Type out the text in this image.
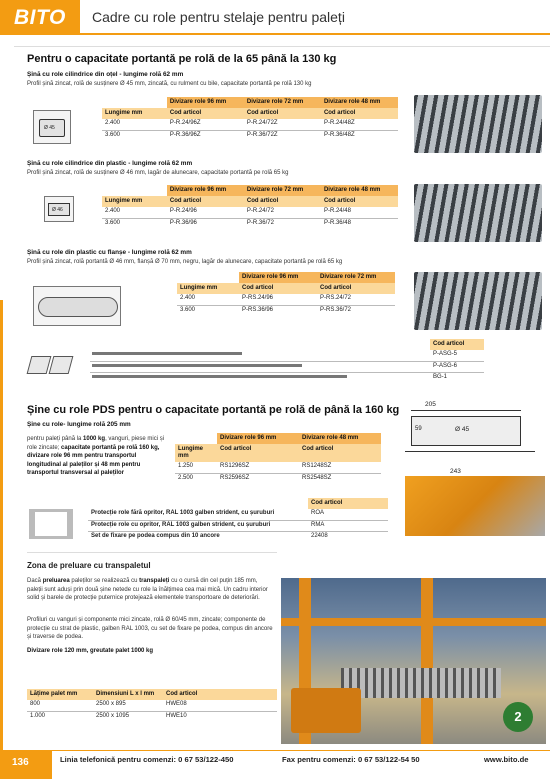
BITO	Cadre cu role pentru stelaje pentru paleți
Pentru o capacitate portantă pe rolă de la 65 până la 130 kg
Șină cu role cilindrice din oțel - lungime rolă 62 mm
Profil șină zincat, rolă de susținere Ø 45 mm, zincată, cu rulment cu bile, capacitate portantă pe rolă 130 kg
Ø 45
	Divizare role 96 mm	Divizare role 72 mm	Divizare role 48 mm
Lungime mm	Cod articol	Cod articol	Cod articol
2.400	P-R.24/96Z	P-R.24/72Z	P-R.24/48Z
3.600	P-R.36/96Z	P-R.36/72Z	P-R.36/48Z
Șină cu role cilindrice din plastic - lungime rolă 62 mm
Profil șină zincat, rolă de susținere Ø 46 mm, lagăr de alunecare, capacitate portantă pe rolă 65 kg
Ø 46
	Divizare role 96 mm	Divizare role 72 mm	Divizare role 48 mm
Lungime mm	Cod articol	Cod articol	Cod articol
2.400	P-R.24/96	P-R.24/72	P-R.24/48
3.600	P-R.36/96	P-R.36/72	P-R.36/48
Șină cu role din plastic cu flanșe - lungime rolă 62 mm
Profil șină zincat, rolă portantă Ø 46 mm, flanșă Ø 70 mm, negru, lagăr de alunecare, capacitate portantă pe rolă 65 kg
	Divizare role 96 mm	Divizare role 72 mm
Lungime mm	Cod articol	Cod articol
2.400	P-RS.24/96	P-RS.24/72
3.600	P-RS.36/96	P-RS.36/72
	Cod articol
	P-ASG-5
	P-ASG-6
	BG-1
Șine cu role PDS pentru o capacitate portantă pe rolă de până la 160 kg
Șine cu role- lungime rolă 205 mm
pentru paleți până la 1000 kg, vanguri, piese mici și role zincate; capacitate portantă pe rolă 160 kg, divizare role 96 mm pentru transportul longitudinal al paleților și 48 mm pentru transportul transversal al paleților
	Divizare role 96 mm	Divizare role 48 mm
Lungime mm	Cod articol	Cod articol
1.250	RS1296SZ	RS1248SZ
2.500	RS2596SZ	RS2548SZ
205
Ø 45
59
243
	Cod articol
Protecție role fără opritor, RAL 1003 galben strident, cu șuruburi	ROA
Protecție role cu opritor, RAL 1003 galben strident, cu șuruburi	RMA
Set de fixare pe podea compus din 10 ancore	22408
Zona de preluare cu transpaletul
Dacă preluarea paleților se realizează cu transpaleți cu o cursă din cel puțin 185 mm, paleții sunt aduși prin două șine netede cu role la înălțimea cea mai mică. Un cadru interior solid și barele de protecție puternice protejează elementele transportoare de deteriorări.
Profiluri cu vanguri și componente mici zincate, rolă Ø 60/45 mm, zincate; componente de protecție cu strat de plastic, galben RAL 1003, cu set de fixare pe podea, compus din ancore și traverse de podea.
Divizare role 120 mm, greutate palet 1000 kg
Lățime palet mm	Dimensiuni L x l mm	Cod articol
800	2500 x 895	HWE08
1.000	2500 x 1095	HWE10	2
136	Linia telefonică pentru comenzi: 0 67 53/122-450	Fax pentru comenzi: 0 67 53/122-54 50	www.bito.de
